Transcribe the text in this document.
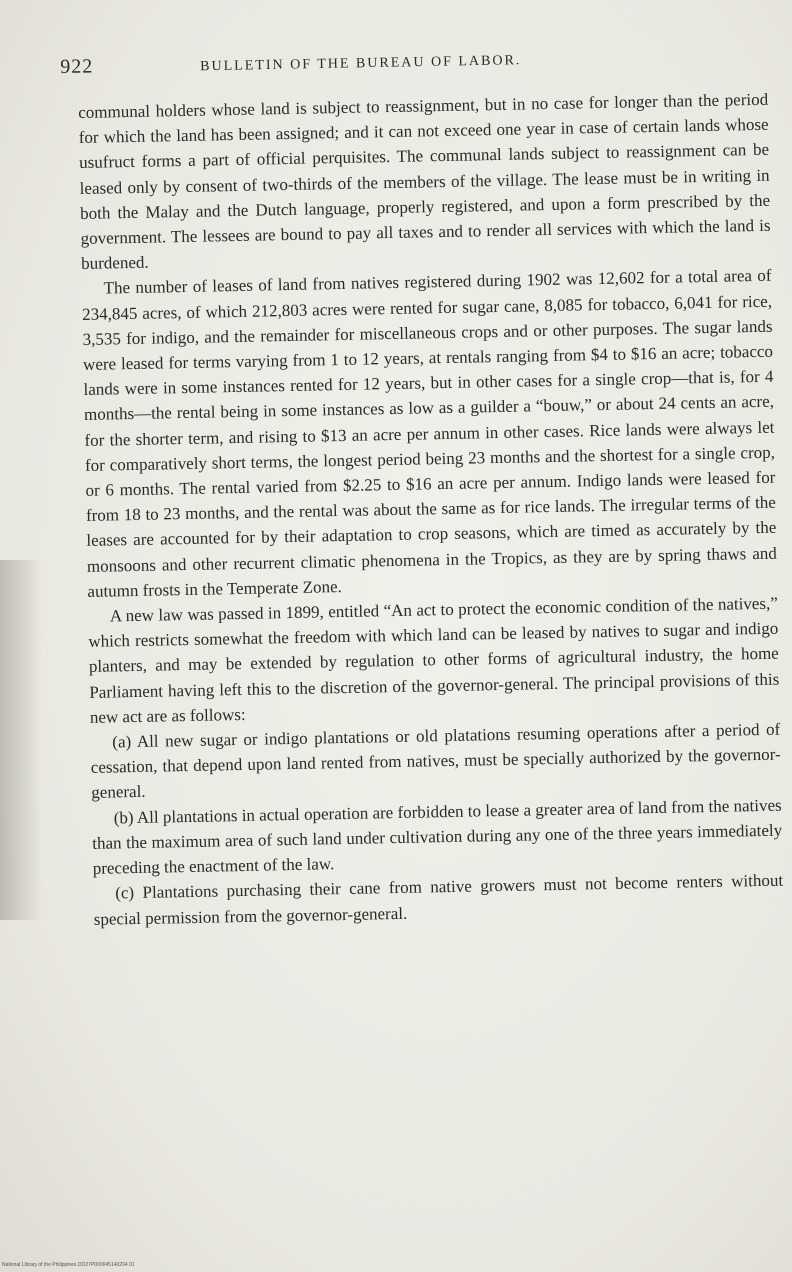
922	BULLETIN OF THE BUREAU OF LABOR.

communal holders whose land is subject to reassignment, but in no case for longer than the period for which the land has been assigned; and it can not exceed one year in case of certain lands whose usufruct forms a part of official perquisites. The communal lands subject to reassignment can be leased only by consent of two-thirds of the members of the village. The lease must be in writing in both the Malay and the Dutch language, properly registered, and upon a form prescribed by the government. The lessees are bound to pay all taxes and to render all services with which the land is burdened.

The number of leases of land from natives registered during 1902 was 12,602 for a total area of 234,845 acres, of which 212,803 acres were rented for sugar cane, 8,085 for tobacco, 6,041 for rice, 3,535 for indigo, and the remainder for miscellaneous crops and or other purposes. The sugar lands were leased for terms varying from 1 to 12 years, at rentals ranging from $4 to $16 an acre; tobacco lands were in some instances rented for 12 years, but in other cases for a single crop—that is, for 4 months—the rental being in some instances as low as a guilder a “bouw,” or about 24 cents an acre, for the shorter term, and rising to $13 an acre per annum in other cases. Rice lands were always let for comparatively short terms, the longest period being 23 months and the shortest for a single crop, or 6 months. The rental varied from $2.25 to $16 an acre per annum. Indigo lands were leased for from 18 to 23 months, and the rental was about the same as for rice lands. The irregular terms of the leases are accounted for by their adaptation to crop seasons, which are timed as accurately by the monsoons and other recurrent climatic phenomena in the Tropics, as they are by spring thaws and autumn frosts in the Temperate Zone.

A new law was passed in 1899, entitled “An act to protect the economic condition of the natives,” which restricts somewhat the freedom with which land can be leased by natives to sugar and indigo planters, and may be extended by regulation to other forms of agricultural industry, the home Parliament having left this to the discretion of the governor-general. The principal provisions of this new act are as follows:

(a) All new sugar or indigo plantations or old platations resuming operations after a period of cessation, that depend upon land rented from natives, must be specially authorized by the governor-general.

(b) All plantations in actual operation are forbidden to lease a greater area of land from the natives than the maximum area of such land under cultivation during any one of the three years immediately preceding the enactment of the law.

(c) Plantations purchasing their cane from native growers must not become renters without special permission from the governor-general.

National Library of the Philippines DO27P000045140204 01
